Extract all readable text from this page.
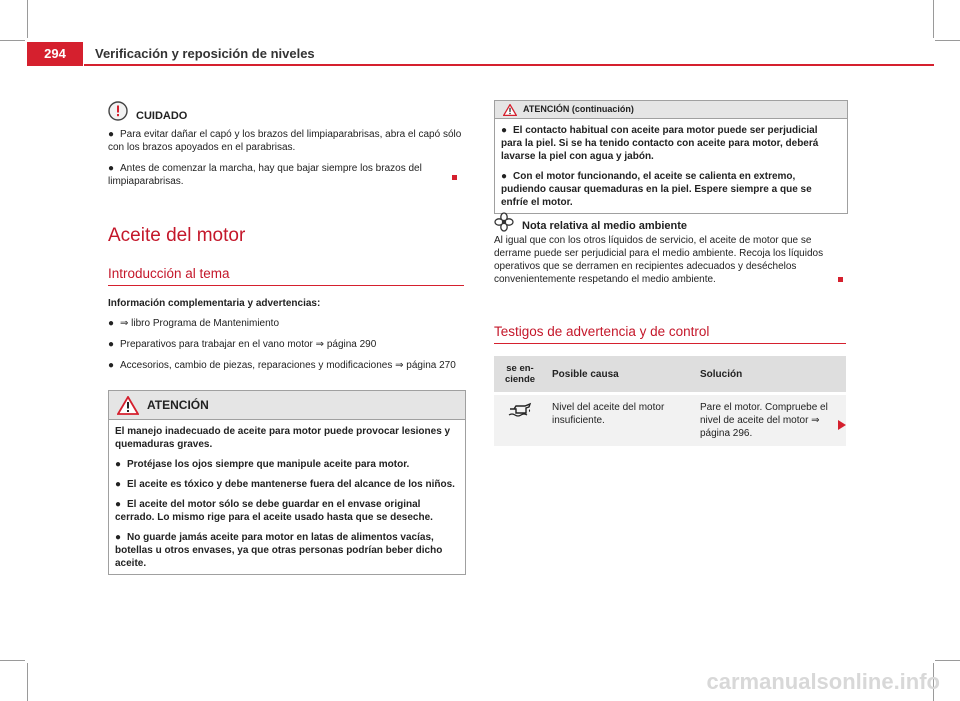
294	Verificación y reposición de niveles
CUIDADO

● Para evitar dañar el capó y los brazos del limpiaparabrisas, abra el capó sólo con los brazos apoyados en el parabrisas.

● Antes de comenzar la marcha, hay que bajar siempre los brazos del limpiaparabrisas.

Aceite del motor
Introducción al tema

Información complementaria y advertencias:

● ⇒ libro Programa de Mantenimiento

● Preparativos para trabajar en el vano motor ⇒ página 290

● Accesorios, cambio de piezas, reparaciones y modificaciones ⇒ página 270

ATENCIÓN

El manejo inadecuado de aceite para motor puede provocar lesiones y quemaduras graves.

● Protéjase los ojos siempre que manipule aceite para motor.

● El aceite es tóxico y debe mantenerse fuera del alcance de los niños.

● El aceite del motor sólo se debe guardar en el envase original cerrado. Lo mismo rige para el aceite usado hasta que se deseche.

● No guarde jamás aceite para motor en latas de alimentos vacías, botellas u otros envases, ya que otras personas podrían beber dicho aceite.

ATENCIÓN (continuación)

● El contacto habitual con aceite para motor puede ser perjudicial para la piel. Si se ha tenido contacto con aceite para motor, deberá lavarse la piel con agua y jabón.

● Con el motor funcionando, el aceite se calienta en extremo, pudiendo causar quemaduras en la piel. Espere siempre a que se enfríe el motor.

Nota relativa al medio ambiente

Al igual que con los otros líquidos de servicio, el aceite de motor que se derrame puede ser perjudicial para el medio ambiente. Recoja los líquidos operativos que se derramen en recipientes adecuados y deséchelos convenientemente respetando el medio ambiente.

Testigos de advertencia y de control
se en-ciende	Posible causa	Solución
	Nivel del aceite del motor insuficiente.	Pare el motor. Compruebe el nivel de aceite del motor ⇒ página 296.
carmanualsonline.info
